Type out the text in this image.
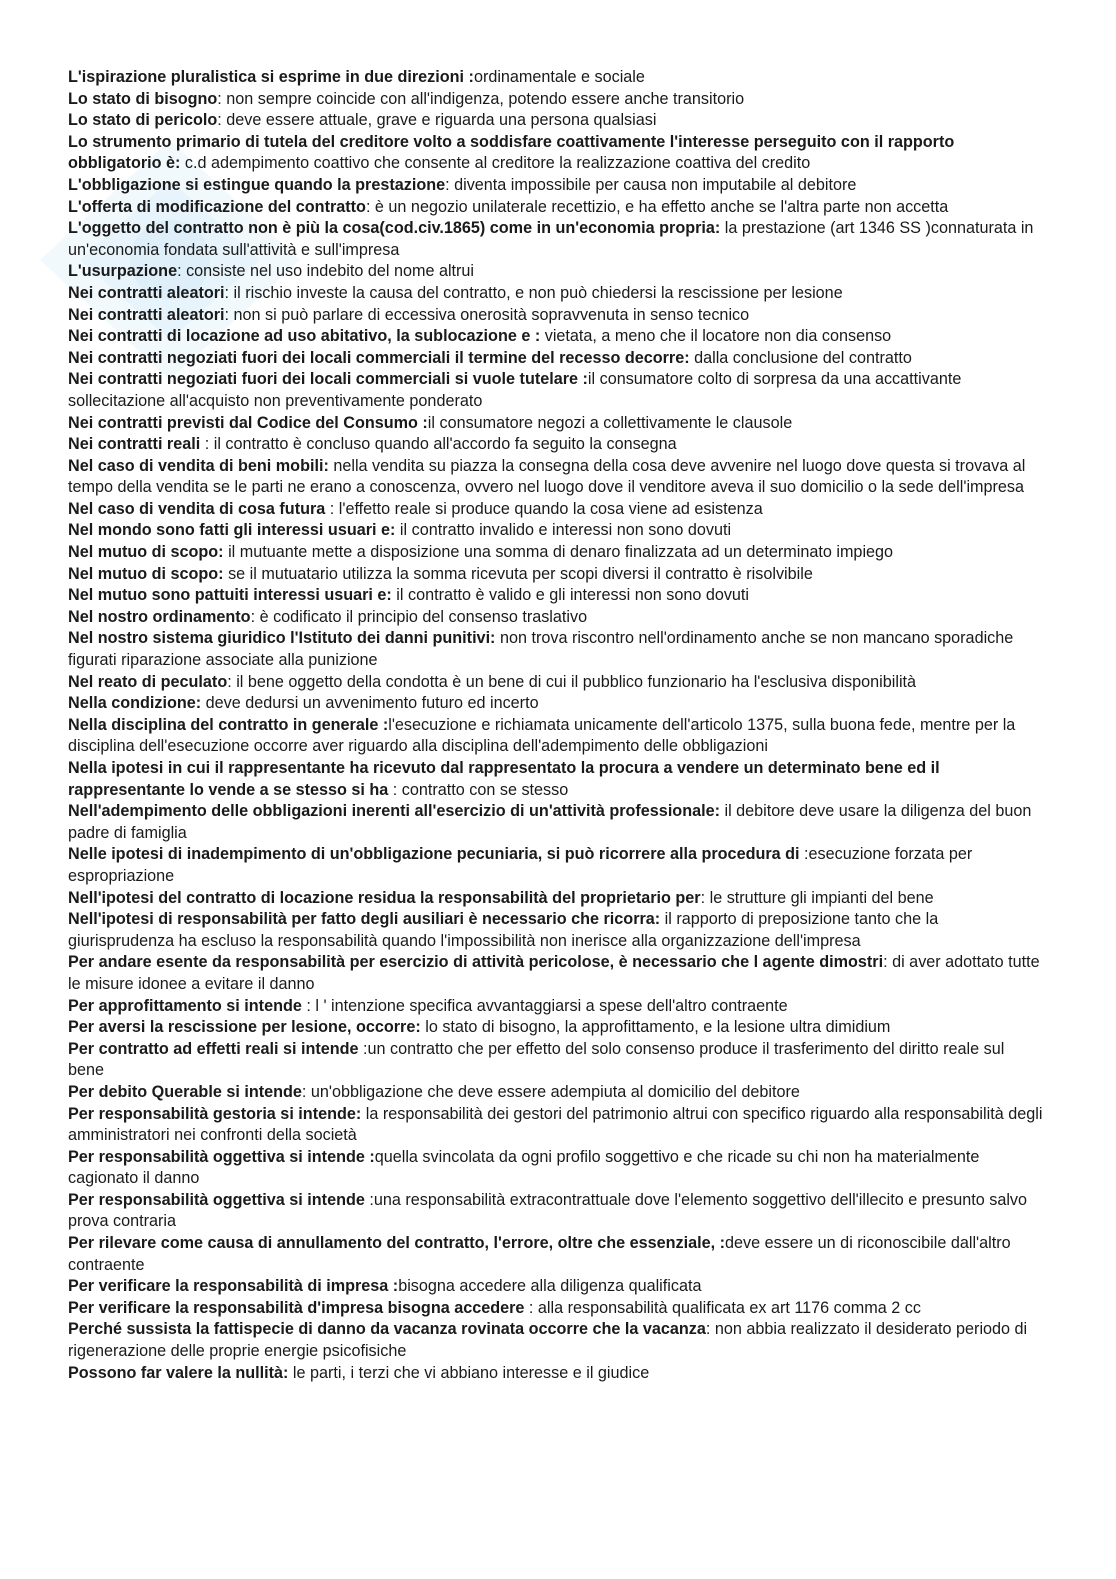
L'ispirazione pluralistica si esprime in due direzioni :ordinamentale e sociale

Lo stato di bisogno: non sempre coincide con all'indigenza, potendo essere anche transitorio

Lo stato di pericolo: deve essere attuale, grave e riguarda una persona qualsiasi

Lo strumento primario di tutela del creditore volto a soddisfare coattivamente l'interesse perseguito con il rapporto obbligatorio è: c.d adempimento coattivo che consente al creditore la realizzazione coattiva del credito

L'obbligazione si estingue quando la prestazione: diventa impossibile per causa non imputabile al debitore

L'offerta di modificazione del contratto: è un negozio unilaterale recettizio, e ha effetto anche se l'altra parte non accetta

L'oggetto del contratto non è più la cosa(cod.civ.1865) come in un'economia propria: la prestazione (art 1346 SS )connaturata in un'economia fondata sull'attività e sull'impresa

L'usurpazione: consiste nel uso indebito del nome altrui

Nei contratti aleatori: il rischio investe la causa del contratto, e non può chiedersi la rescissione per lesione

Nei contratti aleatori: non si può parlare di eccessiva onerosità sopravvenuta in senso tecnico

Nei contratti di locazione ad uso abitativo, la sublocazione e : vietata, a meno che il locatore non dia consenso

Nei contratti negoziati fuori dei locali commerciali il termine del recesso decorre: dalla conclusione del contratto

Nei contratti negoziati fuori dei locali commerciali si vuole tutelare :il consumatore colto di sorpresa da una accattivante sollecitazione all'acquisto non preventivamente ponderato

Nei contratti previsti dal Codice del Consumo :il consumatore negozi a collettivamente le clausole

Nei contratti reali : il contratto è concluso quando all'accordo fa seguito la consegna

Nel caso di vendita di beni mobili: nella vendita su piazza la consegna della cosa deve avvenire nel luogo dove questa si trovava al tempo della vendita se le parti ne erano a conoscenza, ovvero nel luogo dove il venditore aveva il suo domicilio o la sede dell'impresa

Nel caso di vendita di cosa futura : l'effetto reale si produce quando la cosa viene ad esistenza

Nel mondo sono fatti gli interessi usuari e: il contratto invalido e interessi non sono dovuti

Nel mutuo di scopo: il mutuante mette a disposizione una somma di denaro finalizzata ad un determinato impiego

Nel mutuo di scopo: se il mutuatario utilizza la somma ricevuta per scopi diversi il contratto è risolvibile

Nel mutuo sono pattuiti interessi usuari e: il contratto è valido e gli interessi non sono dovuti

Nel nostro ordinamento: è codificato il principio del consenso traslativo

Nel nostro sistema giuridico l'Istituto dei danni punitivi: non trova riscontro nell'ordinamento anche se non mancano sporadiche figurati riparazione associate alla punizione

Nel reato di peculato: il bene oggetto della condotta è un bene di cui il pubblico funzionario ha l'esclusiva disponibilità

Nella condizione: deve dedursi un avvenimento futuro ed incerto

Nella disciplina del contratto in generale :l'esecuzione e richiamata unicamente dell'articolo 1375, sulla buona fede, mentre per la disciplina dell'esecuzione occorre aver riguardo alla disciplina dell'adempimento delle obbligazioni

Nella ipotesi in cui il rappresentante ha ricevuto dal rappresentato la procura a vendere un determinato bene ed il rappresentante lo vende a se stesso si ha : contratto con se stesso

Nell'adempimento delle obbligazioni inerenti all'esercizio di un'attività professionale: il debitore deve usare la diligenza del buon padre di famiglia

Nelle ipotesi di inadempimento di un'obbligazione pecuniaria, si può ricorrere alla procedura di :esecuzione forzata per espropriazione

Nell'ipotesi del contratto di locazione residua la responsabilità del proprietario per: le strutture gli impianti del bene

Nell'ipotesi di responsabilità per fatto degli ausiliari è necessario che ricorra: il rapporto di preposizione tanto che la giurisprudenza ha escluso la responsabilità quando l'impossibilità non inerisce alla organizzazione dell'impresa

Per andare esente da responsabilità per esercizio di attività pericolose, è necessario che l agente dimostri: di aver adottato tutte le misure idonee a evitare il danno

Per approfittamento si intende : l ' intenzione specifica avvantaggiarsi a spese dell'altro contraente

Per aversi la rescissione per lesione, occorre: lo stato di bisogno, la approfittamento, e la lesione ultra dimidium

Per contratto ad effetti reali si intende :un contratto che per effetto del solo consenso produce il trasferimento del diritto reale sul bene

Per debito Querable si intende: un'obbligazione che deve essere adempiuta al domicilio del debitore

Per responsabilità gestoria si intende: la responsabilità dei gestori del patrimonio altrui con specifico riguardo alla responsabilità degli amministratori nei confronti della società

Per responsabilità oggettiva si intende :quella svincolata da ogni profilo soggettivo e che ricade su chi non ha materialmente cagionato il danno

Per responsabilità oggettiva si intende :una responsabilità extracontrattuale dove l'elemento soggettivo dell'illecito e presunto salvo prova contraria

Per rilevare come causa di annullamento del contratto, l'errore, oltre che essenziale, :deve essere un di riconoscibile dall'altro contraente

Per verificare la responsabilità di impresa :bisogna accedere alla diligenza qualificata

Per verificare la responsabilità d'impresa bisogna accedere : alla responsabilità qualificata ex art 1176 comma 2 cc

Perché sussista la fattispecie di danno da vacanza rovinata occorre che la vacanza: non abbia realizzato il desiderato periodo di rigenerazione delle proprie energie psicofisiche

Possono far valere la nullità: le parti, i terzi che vi abbiano interesse e il giudice
